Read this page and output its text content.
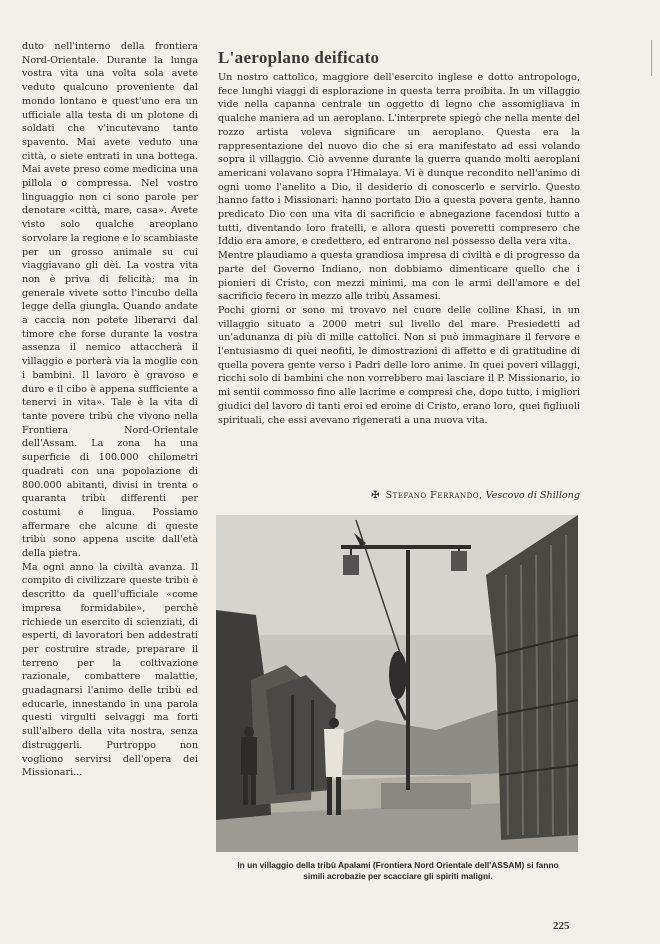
duto nell'interno della frontiera Nord-Orientale. Durante la lunga vostra vita una volta sola avete veduto qualcuno proveniente dal mondo lontano e quest'uno era un ufficiale alla testa di un plotone di soldati che v'incutevano tanto spavento. Mai avete veduto una città, o siete entrati in una bottega. Mai avete preso come medicina una pillola o compressa. Nel vostro linguaggio non ci sono parole per denotare «città, mare, casa». Avete visto solo qualche areoplano sorvolare la regione e lo scambiaste per un grosso animale su cui viaggiavano gli dèi. La vostra vita non è priva di felicità; ma in generale vivete sotto l'incubo della legge della giungla. Quando andate a caccia non potete liberarvi dal timore che forse durante la vostra assenza il nemico attaccherà il villaggio e porterà via la moglie con i bambini. Il lavoro è gravoso e duro e il cibo è appena sufficiente a tenervi in vita». Tale è la vita di tante povere tribù che vivono nella Frontiera Nord-Orientale dell'Assam. La zona ha una superficie di 100.000 chilometri quadrati con una popolazione di 800.000 abitanti, divisi in trenta o quaranta tribù differenti per costumi e lingua. Possiamo affermare che alcune di queste tribù sono appena uscite dall'età della pietra.

Ma ogni anno la civiltà avanza. Il compito di civilizzare queste tribù è descritto da quell'ufficiale «come impresa formidabile», perchè richiede un esercito di scienziati, di esperti, di lavoratori ben addestrati per costruire strade, preparare il terreno per la coltivazione razionale, combattere malattie, guadagnarsi l'animo delle tribù ed educarle, innestando in una parola questi virgulti selvaggi ma forti sull'albero della vita nostra, senza distruggerli. Purtroppo non vogliono servirsi dell'opera dei Missionari...

L'aeroplano deificato

Un nostro cattolico, maggiore dell'esercito inglese e dotto antropologo, fece lunghi viaggi di esplorazione in questa terra proibita. In un villaggio vide nella capanna centrale un oggetto di legno che assomigliava in qualche maniera ad un aeroplano. L'interprete spiegò che nella mente del rozzo artista voleva significare un aeroplano. Questa era la rappresentazione del nuovo dio che si era manifestato ad essi volando sopra il villaggio. Ciò avvenne durante la guerra quando molti aeroplani americani volavano sopra l'Himalaya. Vi è dunque recondito nell'animo di ogni uomo l'anelito a Dio, il desiderio di conoscerlo e servirlo. Questo hanno fatto i Missionari: hanno portato Dio a questa povera gente, hanno predicato Dio con una vita di sacrificio e abnegazione facendosi tutto a tutti, diventando loro fratelli, e allora questi poveretti compresero che Iddio era amore, e credettero, ed entrarono nel possesso della vera vita.

Mentre plaudiamo a questa grandiosa impresa di civiltà e di progresso da parte del Governo Indiano, non dobbiamo dimenticare quello che i pionieri di Cristo, con mezzi minimi, ma con le armi dell'amore e del sacrificio fecero in mezzo alle tribù Assamesi.

Pochi giorni or sono mi trovavo nel cuore delle colline Khasi, in un villaggio situato a 2000 metri sul livello del mare. Presiedetti ad un'adunanza di più di mille cattolici. Non si può immaginare il fervore e l'entusiasmo di quei neofiti, le dimostrazioni di affetto e di gratitudine di quella povera gente verso i Padri delle loro anime. In quei poveri villaggi, ricchi solo di bambini che non vorrebbero mai lasciare il P. Missionario, io mi sentii commosso fino alle lacrime e compresi che, dopo tutto, i migliori giudici del lavoro di tanti eroi ed eroine di Cristo, erano loro, quei figliuoli spirituali, che essi avevano rigenerati a una nuova vita.

✠ Stefano Ferrando, Vescovo di Shillong
In un villaggio della tribù Apalami (Frontiera Nord Orientale dell'ASSAM) si fanno simili acrobazie per scacciare gli spiriti maligni.
225
